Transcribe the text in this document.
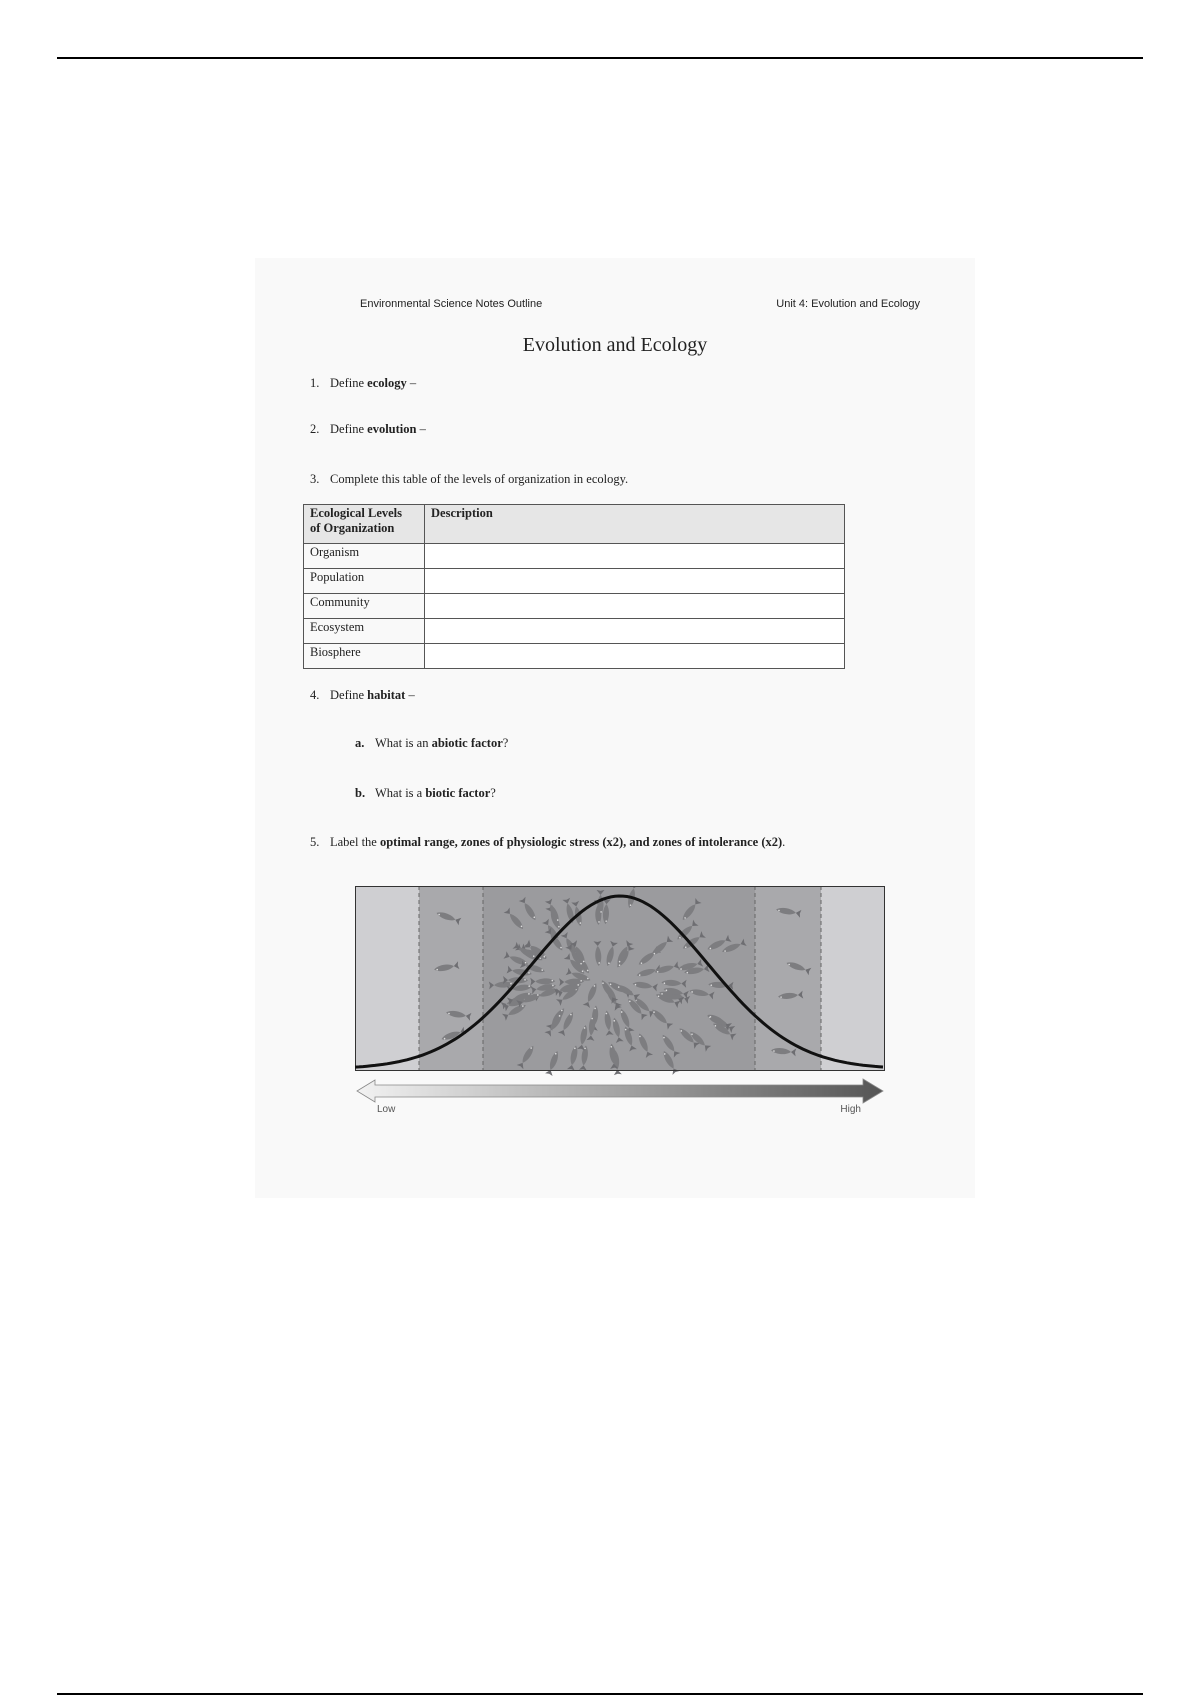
Environmental Science Notes Outline	Unit 4: Evolution and Ecology
Evolution and Ecology
1. Define ecology –
2. Define evolution –
3. Complete this table of the levels of organization in ecology.
Ecological Levels
of Organization	Description
Organism	
Population	
Community	
Ecosystem	
Biosphere	
4. Define habitat –
a. What is an abiotic factor?
b. What is a biotic factor?
5. Label the optimal range, zones of physiologic stress (x2), and zones of intolerance (x2).
Low	High
